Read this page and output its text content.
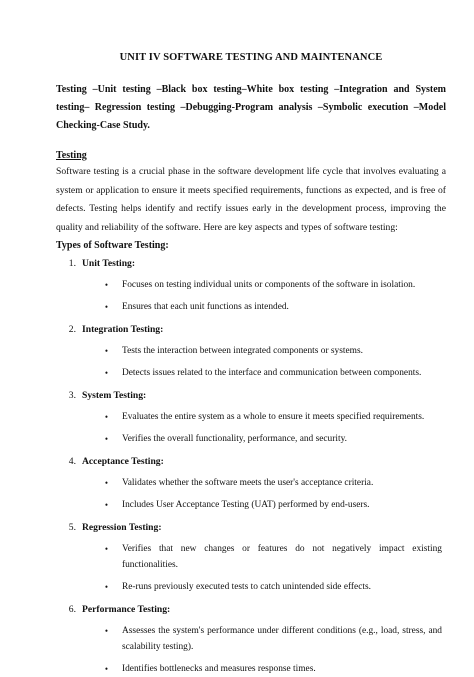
UNIT IV SOFTWARE TESTING AND MAINTENANCE

Testing –Unit testing –Black box testing–White box testing –Integration and System testing– Regression testing –Debugging-Program analysis –Symbolic execution –Model Checking-Case Study.

Testing

Software testing is a crucial phase in the software development life cycle that involves evaluating a system or application to ensure it meets specified requirements, functions as expected, and is free of defects. Testing helps identify and rectify issues early in the development process, improving the quality and reliability of the software. Here are key aspects and types of software testing:

Types of Software Testing:

1. Unit Testing:
•	Focuses on testing individual units or components of the software in isolation.
•	Ensures that each unit functions as intended.
2. Integration Testing:
•	Tests the interaction between integrated components or systems.
•	Detects issues related to the interface and communication between components.
3. System Testing:
•	Evaluates the entire system as a whole to ensure it meets specified requirements.
•	Verifies the overall functionality, performance, and security.
4. Acceptance Testing:
•	Validates whether the software meets the user's acceptance criteria.
•	Includes User Acceptance Testing (UAT) performed by end-users.
5. Regression Testing:
•	Verifies that new changes or features do not negatively impact existing functionalities.
•	Re-runs previously executed tests to catch unintended side effects.
6. Performance Testing:
•	Assesses the system's performance under different conditions (e.g., load, stress, and scalability testing).
•	Identifies bottlenecks and measures response times.
